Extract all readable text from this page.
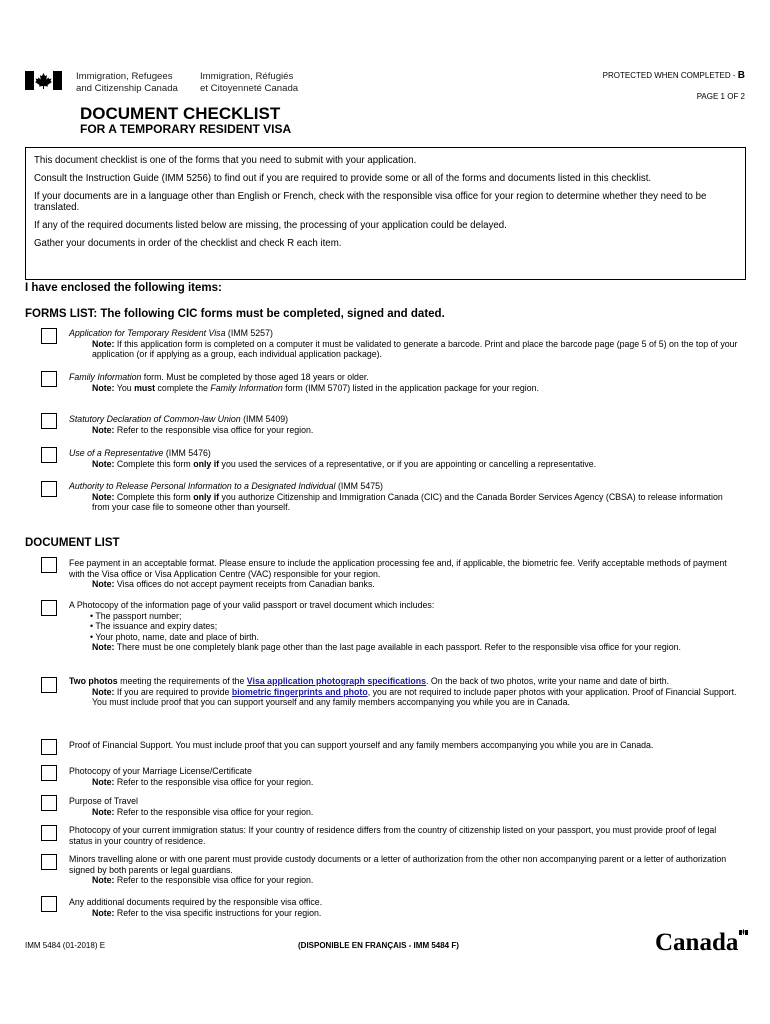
Immigration, Refugees
and Citizenship Canada
Immigration, Réfugiés
et Citoyenneté Canada
PROTECTED WHEN COMPLETED - B
PAGE 1 OF 2
DOCUMENT CHECKLIST
FOR A TEMPORARY RESIDENT VISA

This document checklist is one of the forms that you need to submit with your application.

Consult the Instruction Guide (IMM 5256) to find out if you are required to provide some or all of the forms and documents listed in this checklist.

If your documents are in a language other than English or French, check with the responsible visa office for your region to determine whether they need to be translated.

If any of the required documents listed below are missing, the processing of your application could be delayed.

Gather your documents in order of the checklist and check R each item.

I have enclosed the following items:
FORMS LIST: The following CIC forms must be completed, signed and dated.
Application for Temporary Resident Visa (IMM 5257)
Note: If this application form is completed on a computer it must be validated to generate a barcode. Print and place the barcode page (page 5 of 5) on the top of your application (or if applying as a group, each individual application package).
Family Information form. Must be completed by those aged 18 years or older.
Note: You must complete the Family Information form (IMM 5707) listed in the application package for your region.
Statutory Declaration of Common-law Union (IMM 5409)
Note: Refer to the responsible visa office for your region.
Use of a Representative (IMM 5476)
Note: Complete this form only if you used the services of a representative, or if you are appointing or cancelling a representative.
Authority to Release Personal Information to a Designated Individual (IMM 5475)
Note: Complete this form only if you authorize Citizenship and Immigration Canada (CIC) and the Canada Border Services Agency (CBSA) to release information from your case file to someone other than yourself.
DOCUMENT LIST
Fee payment in an acceptable format. Please ensure to include the application processing fee and, if applicable, the biometric fee. Verify acceptable methods of payment with the Visa office or Visa Application Centre (VAC) responsible for your region.
Note: Visa offices do not accept payment receipts from Canadian banks.
A Photocopy of the information page of your valid passport or travel document which includes:
• The passport number;
• The issuance and expiry dates;
• Your photo, name, date and place of birth.
Note: There must be one completely blank page other than the last page available in each passport. Refer to the responsible visa office for your region.
Two photos meeting the requirements of the Visa application photograph specifications. On the back of two photos, write your name and date of birth.
Note: If you are required to provide biometric fingerprints and photo, you are not required to include paper photos with your application. Proof of Financial Support. You must include proof that you can support yourself and any family members accompanying you while you are in Canada.
Proof of Financial Support. You must include proof that you can support yourself and any family members accompanying you while you are in Canada.
Photocopy of your Marriage License/Certificate
Note: Refer to the responsible visa office for your region.
Purpose of Travel
Note: Refer to the responsible visa office for your region.
Photocopy of your current immigration status: If your country of residence differs from the country of citizenship listed on your passport, you must provide proof of legal status in your country of residence.
Minors travelling alone or with one parent must provide custody documents or a letter of authorization from the other non accompanying parent or a letter of authorization signed by both parents or legal guardians.
Note: Refer to the responsible visa office for your region.
Any additional documents required by the responsible visa office.
Note: Refer to the visa specific instructions for your region.
IMM 5484 (01-2018) E	(DISPONIBLE EN FRANÇAIS - IMM 5484 F)	Canada
